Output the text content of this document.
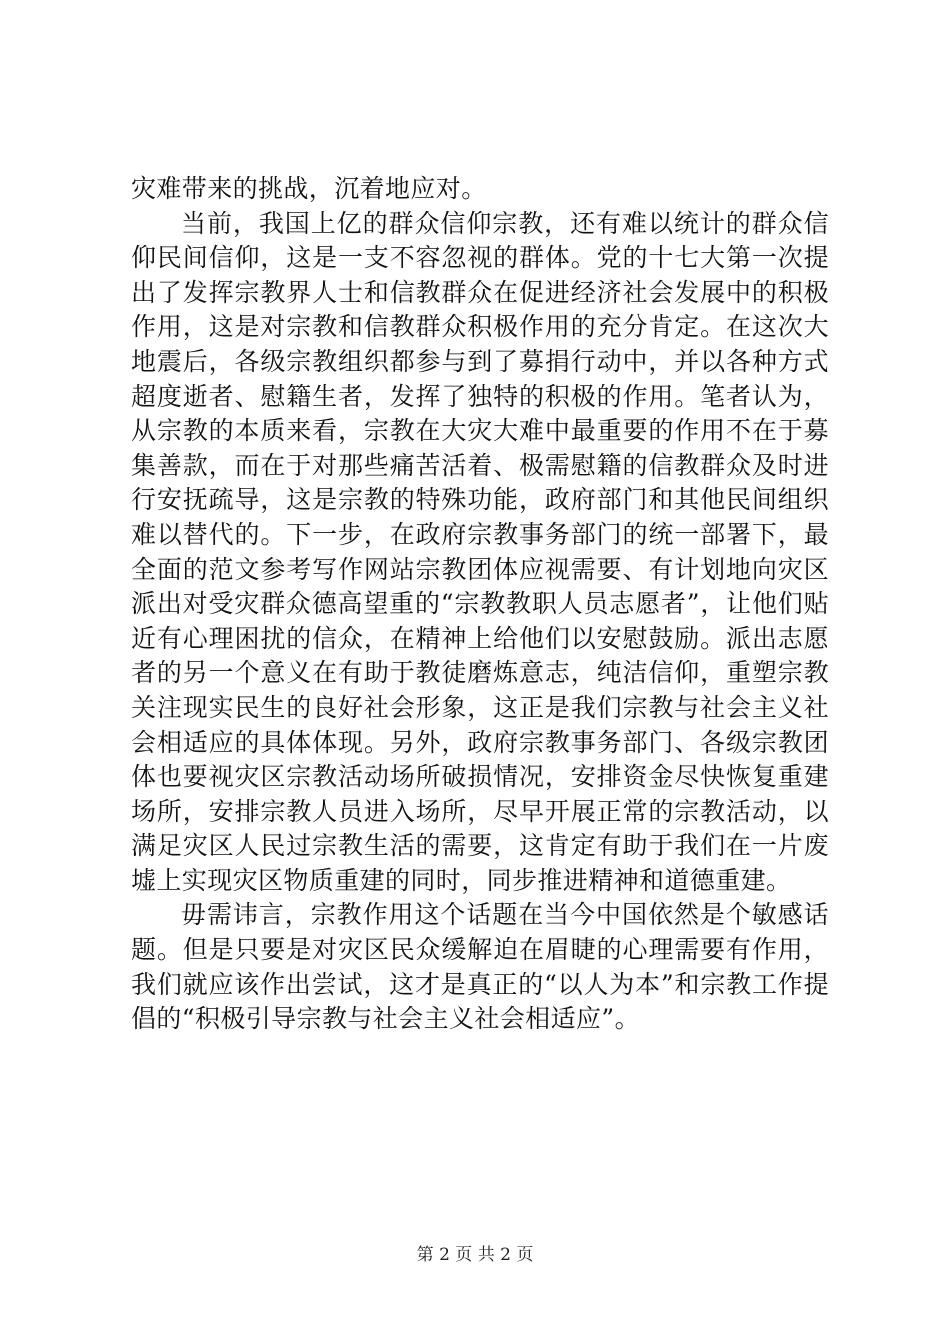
灾难带来的挑战，沉着地应对。

当前，我国上亿的群众信仰宗教，还有难以统计的群众信仰民间信仰，这是一支不容忽视的群体。党的十七大第一次提出了发挥宗教界人士和信教群众在促进经济社会发展中的积极作用，这是对宗教和信教群众积极作用的充分肯定。在这次大地震后，各级宗教组织都参与到了募捐行动中，并以各种方式超度逝者、慰籍生者，发挥了独特的积极的作用。笔者认为，从宗教的本质来看，宗教在大灾大难中最重要的作用不在于募集善款，而在于对那些痛苦活着、极需慰籍的信教群众及时进行安抚疏导，这是宗教的特殊功能，政府部门和其他民间组织难以替代的。下一步，在政府宗教事务部门的统一部署下，最全面的范文参考写作网站宗教团体应视需要、有计划地向灾区派出对受灾群众德高望重的“宗教教职人员志愿者”，让他们贴近有心理困扰的信众，在精神上给他们以安慰鼓励。派出志愿者的另一个意义在有助于教徒磨炼意志，纯洁信仰，重塑宗教关注现实民生的良好社会形象，这正是我们宗教与社会主义社会相适应的具体体现。另外，政府宗教事务部门、各级宗教团体也要视灾区宗教活动场所破损情况，安排资金尽快恢复重建场所，安排宗教人员进入场所，尽早开展正常的宗教活动，以满足灾区人民过宗教生活的需要，这肯定有助于我们在一片废墟上实现灾区物质重建的同时，同步推进精神和道德重建。

毋需讳言，宗教作用这个话题在当今中国依然是个敏感话题。但是只要是对灾区民众缓解迫在眉睫的心理需要有作用，我们就应该作出尝试，这才是真正的“以人为本”和宗教工作提倡的“积极引导宗教与社会主义社会相适应”。

第 2 页 共 2 页
